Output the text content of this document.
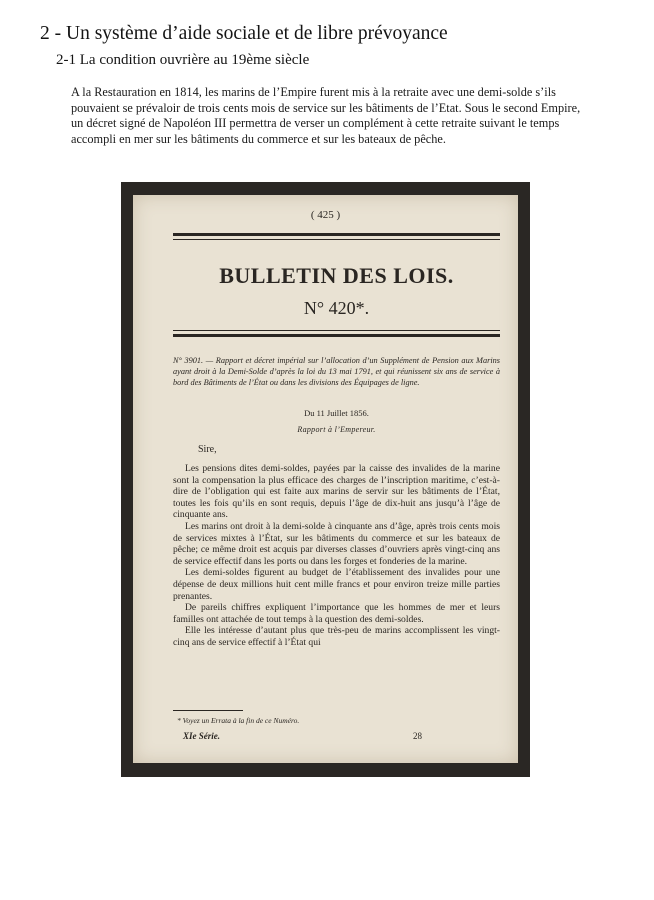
2 - Un système d’aide sociale et de libre prévoyance
2-1 La condition ouvrière au 19ème siècle
A la Restauration en 1814, les marins de l’Empire furent mis à la retraite avec une demi-solde s’ils pouvaient se prévaloir de trois cents mois de service sur les bâtiments de l’Etat. Sous le second Empire, un décret signé de Napoléon III permettra de verser un complément à cette retraite suivant le temps accompli en mer sur les bâtiments du commerce et sur les bateaux de pêche.
( 425 )
BULLETIN DES LOIS.
N° 420*.
N° 3901. — Rapport et décret impérial sur l’allocation d’un Supplément de Pension aux Marins ayant droit à la Demi-Solde d’après la loi du 13 mai 1791, et qui réunissent six ans de service à bord des Bâtiments de l’État ou dans les divisions des Équipages de ligne.
Du 11 Juillet 1856.
Rapport à l’Empereur.
Sire,

Les pensions dites demi-soldes, payées par la caisse des invalides de la marine sont la compensation la plus efficace des charges de l’inscription maritime, c’est-à-dire de l’obligation qui est faite aux marins de servir sur les bâtiments de l’État, toutes les fois qu’ils en sont requis, depuis l’âge de dix-huit ans jusqu’à l’âge de cinquante ans.

Les marins ont droit à la demi-solde à cinquante ans d’âge, après trois cents mois de services mixtes à l’État, sur les bâtiments du commerce et sur les bateaux de pêche; ce même droit est acquis par diverses classes d’ouvriers après vingt-cinq ans de service effectif dans les ports ou dans les forges et fonderies de la marine.

Les demi-soldes figurent au budget de l’établissement des invalides pour une dépense de deux millions huit cent mille francs et pour environ treize mille parties prenantes.

De pareils chiffres expliquent l’importance que les hommes de mer et leurs familles ont attachée de tout temps à la question des demi-soldes.

Elle les intéresse d’autant plus que très-peu de marins accomplissent les vingt-cinq ans de service effectif à l’État qui

* Voyez un Errata à la fin de ce Numéro.
XIe Série.	28
